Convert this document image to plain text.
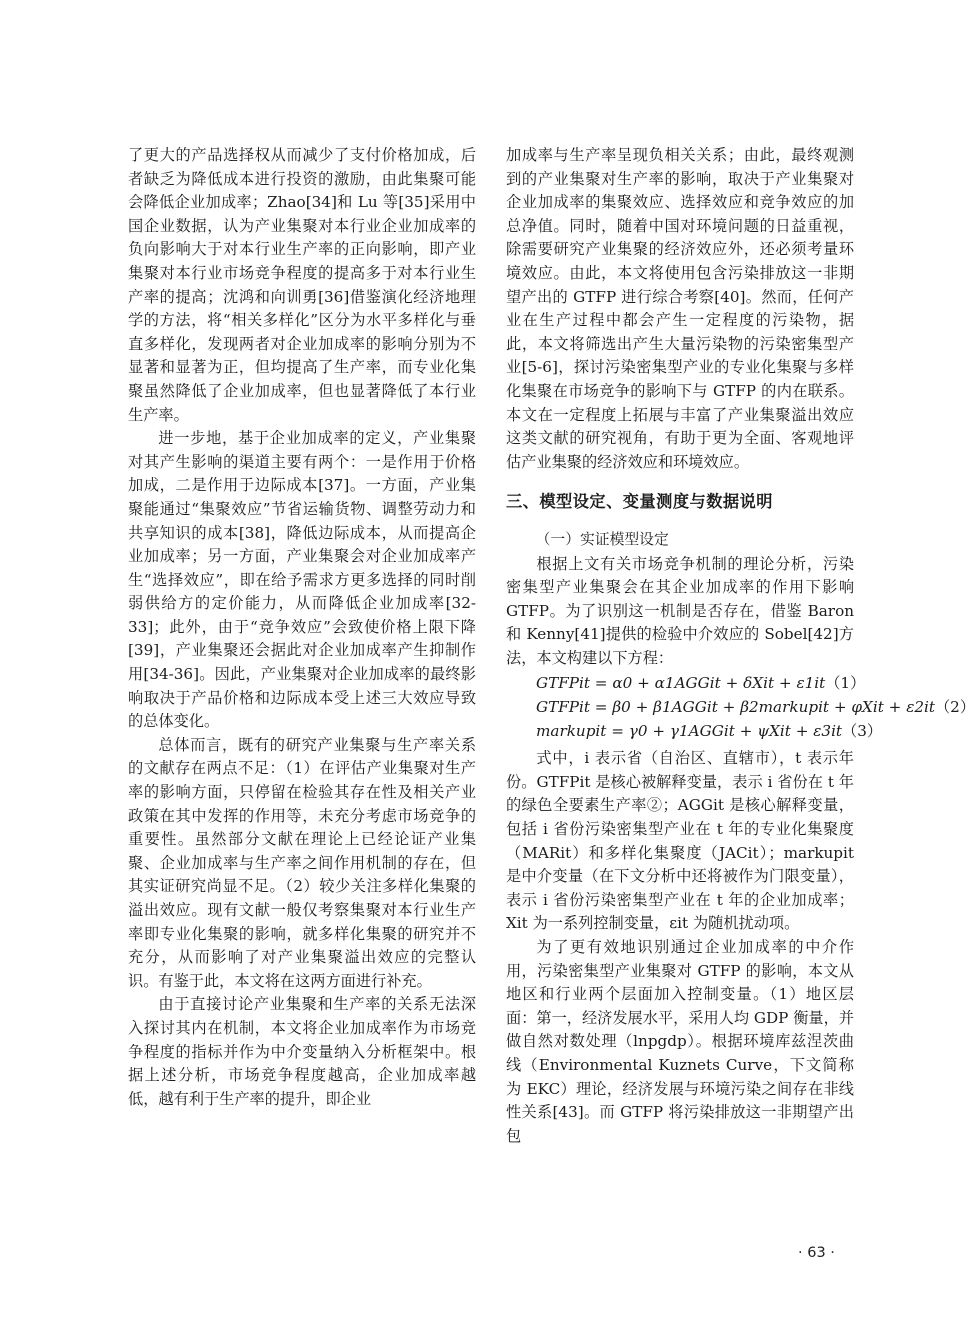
了更大的产品选择权从而减少了支付价格加成，后者缺乏为降低成本进行投资的激励，由此集聚可能会降低企业加成率；Zhao[34]和 Lu 等[35]采用中国企业数据，认为产业集聚对本行业企业加成率的负向影响大于对本行业生产率的正向影响，即产业集聚对本行业市场竞争程度的提高多于对本行业生产率的提高；沈鸿和向训勇[36]借鉴演化经济地理学的方法，将“相关多样化”区分为水平多样化与垂直多样化，发现两者对企业加成率的影响分别为不显著和显著为正，但均提高了生产率，而专业化集聚虽然降低了企业加成率，但也显著降低了本行业生产率。

进一步地，基于企业加成率的定义，产业集聚对其产生影响的渠道主要有两个：一是作用于价格加成，二是作用于边际成本[37]。一方面，产业集聚能通过“集聚效应”节省运输货物、调整劳动力和共享知识的成本[38]，降低边际成本，从而提高企业加成率；另一方面，产业集聚会对企业加成率产生“选择效应”，即在给予需求方更多选择的同时削弱供给方的定价能力，从而降低企业加成率[32-33]；此外，由于“竞争效应”会致使价格上限下降[39]，产业集聚还会据此对企业加成率产生抑制作用[34-36]。因此，产业集聚对企业加成率的最终影响取决于产品价格和边际成本受上述三大效应导致的总体变化。

总体而言，既有的研究产业集聚与生产率关系的文献存在两点不足：（1）在评估产业集聚对生产率的影响方面，只停留在检验其存在性及相关产业政策在其中发挥的作用等，未充分考虑市场竞争的重要性。虽然部分文献在理论上已经论证产业集聚、企业加成率与生产率之间作用机制的存在，但其实证研究尚显不足。（2）较少关注多样化集聚的溢出效应。现有文献一般仅考察集聚对本行业生产率即专业化集聚的影响，就多样化集聚的研究并不充分，从而影响了对产业集聚溢出效应的完整认识。有鉴于此，本文将在这两方面进行补充。

由于直接讨论产业集聚和生产率的关系无法深入探讨其内在机制，本文将企业加成率作为市场竞争程度的指标并作为中介变量纳入分析框架中。根据上述分析，市场竞争程度越高，企业加成率越低，越有利于生产率的提升，即企业

加成率与生产率呈现负相关关系；由此，最终观测到的产业集聚对生产率的影响，取决于产业集聚对企业加成率的集聚效应、选择效应和竞争效应的加总净值。同时，随着中国对环境问题的日益重视，除需要研究产业集聚的经济效应外，还必须考量环境效应。由此，本文将使用包含污染排放这一非期望产出的 GTFP 进行综合考察[40]。然而，任何产业在生产过程中都会产生一定程度的污染物，据此，本文将筛选出产生大量污染物的污染密集型产业[5-6]，探讨污染密集型产业的专业化集聚与多样化集聚在市场竞争的影响下与 GTFP 的内在联系。本文在一定程度上拓展与丰富了产业集聚溢出效应这类文献的研究视角，有助于更为全面、客观地评估产业集聚的经济效应和环境效应。

三、模型设定、变量测度与数据说明
（一）实证模型设定

根据上文有关市场竞争机制的理论分析，污染密集型产业集聚会在其企业加成率的作用下影响 GTFP。为了识别这一机制是否存在，借鉴 Baron 和 Kenny[41]提供的检验中介效应的 Sobel[42]方法，本文构建以下方程：

GTFPit = α0 + α1AGGit + δXit + ε1it （1）
GTFPit = β0 + β1AGGit + β2markupit + φXit + ε2it （2）
markupit = γ0 + γ1AGGit + ψXit + ε3it （3）

式中，i 表示省（自治区、直辖市），t 表示年份。GTFPit 是核心被解释变量，表示 i 省份在 t 年的绿色全要素生产率②；AGGit 是核心解释变量，包括 i 省份污染密集型产业在 t 年的专业化集聚度（MARit）和多样化集聚度（JACit）；markupit 是中介变量（在下文分析中还将被作为门限变量），表示 i 省份污染密集型产业在 t 年的企业加成率；Xit 为一系列控制变量，εit 为随机扰动项。

为了更有效地识别通过企业加成率的中介作用，污染密集型产业集聚对 GTFP 的影响，本文从地区和行业两个层面加入控制变量。（1）地区层面：第一，经济发展水平，采用人均 GDP 衡量，并做自然对数处理（lnpgdp）。根据环境库兹涅茨曲线（Environmental Kuznets Curve，下文简称为 EKC）理论，经济发展与环境污染之间存在非线性关系[43]。而 GTFP 将污染排放这一非期望产出包

· 63 ·
